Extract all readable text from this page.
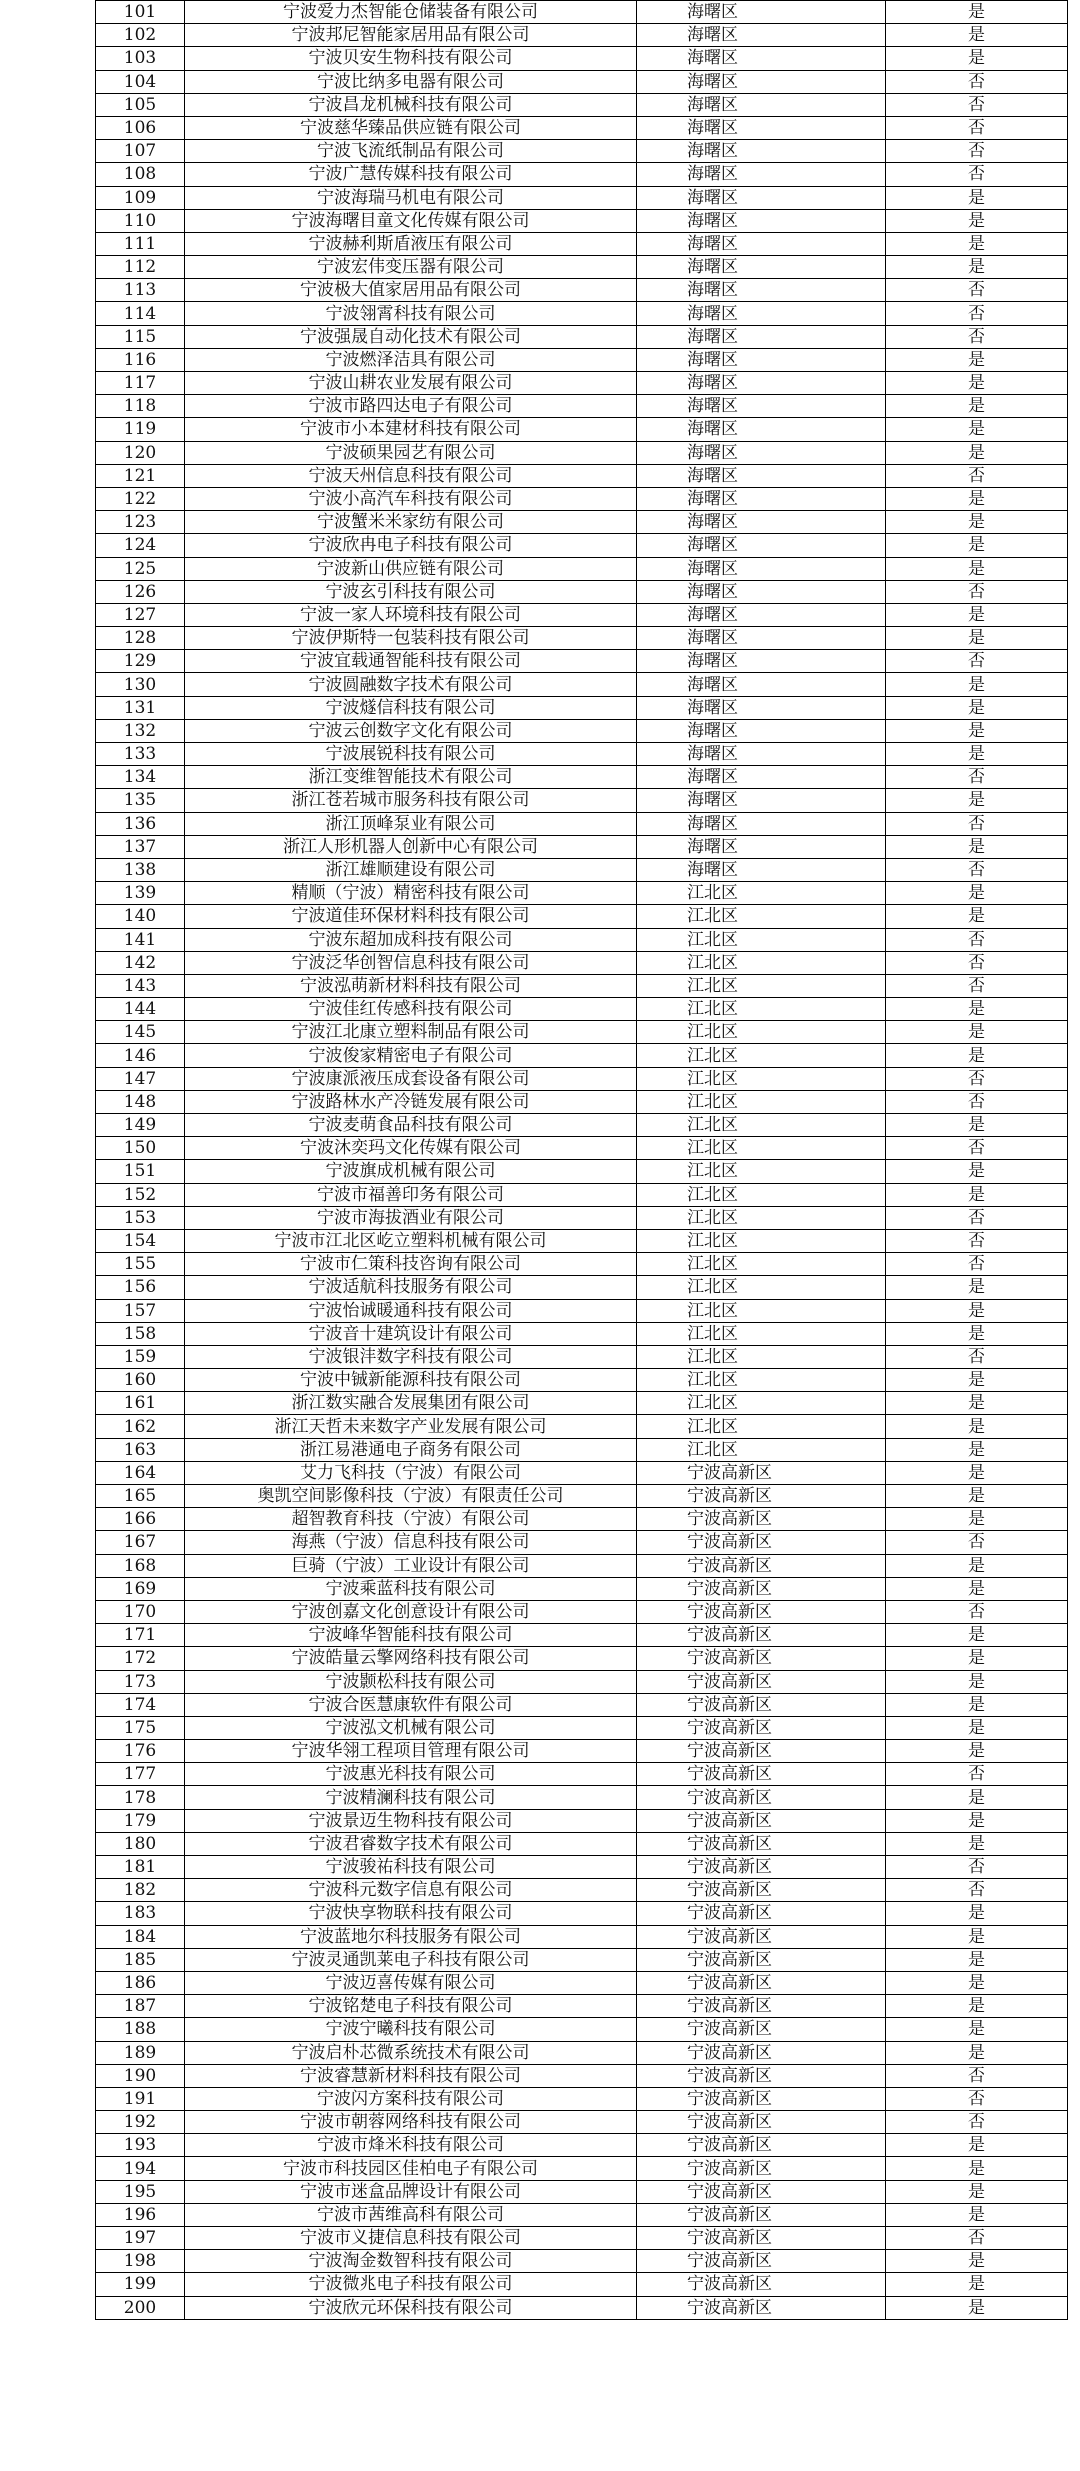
101	宁波爱力杰智能仓储装备有限公司	海曙区	是
102	宁波邦尼智能家居用品有限公司	海曙区	是
103	宁波贝安生物科技有限公司	海曙区	是
104	宁波比纳多电器有限公司	海曙区	否
105	宁波昌龙机械科技有限公司	海曙区	否
106	宁波慈华臻品供应链有限公司	海曙区	否
107	宁波飞流纸制品有限公司	海曙区	否
108	宁波广慧传媒科技有限公司	海曙区	否
109	宁波海瑞马机电有限公司	海曙区	是
110	宁波海曙目童文化传媒有限公司	海曙区	是
111	宁波赫利斯盾液压有限公司	海曙区	是
112	宁波宏伟变压器有限公司	海曙区	是
113	宁波极大值家居用品有限公司	海曙区	否
114	宁波翎霄科技有限公司	海曙区	否
115	宁波强晟自动化技术有限公司	海曙区	否
116	宁波燃泽洁具有限公司	海曙区	是
117	宁波山耕农业发展有限公司	海曙区	是
118	宁波市路四达电子有限公司	海曙区	是
119	宁波市小本建材科技有限公司	海曙区	是
120	宁波硕果园艺有限公司	海曙区	是
121	宁波天州信息科技有限公司	海曙区	否
122	宁波小高汽车科技有限公司	海曙区	是
123	宁波蟹米米家纺有限公司	海曙区	是
124	宁波欣冉电子科技有限公司	海曙区	是
125	宁波新山供应链有限公司	海曙区	是
126	宁波玄引科技有限公司	海曙区	否
127	宁波一家人环境科技有限公司	海曙区	是
128	宁波伊斯特一包装科技有限公司	海曙区	是
129	宁波宜载通智能科技有限公司	海曙区	否
130	宁波圆融数字技术有限公司	海曙区	是
131	宁波燧信科技有限公司	海曙区	是
132	宁波云创数字文化有限公司	海曙区	是
133	宁波展锐科技有限公司	海曙区	是
134	浙江变维智能技术有限公司	海曙区	否
135	浙江苍若城市服务科技有限公司	海曙区	是
136	浙江顶峰泵业有限公司	海曙区	否
137	浙江人形机器人创新中心有限公司	海曙区	是
138	浙江雄顺建设有限公司	海曙区	否
139	精顺（宁波）精密科技有限公司	江北区	是
140	宁波道佳环保材料科技有限公司	江北区	是
141	宁波东超加成科技有限公司	江北区	否
142	宁波泛华创智信息科技有限公司	江北区	否
143	宁波泓萌新材料科技有限公司	江北区	否
144	宁波佳红传感科技有限公司	江北区	是
145	宁波江北康立塑料制品有限公司	江北区	是
146	宁波俊家精密电子有限公司	江北区	是
147	宁波康派液压成套设备有限公司	江北区	否
148	宁波路林水产冷链发展有限公司	江北区	否
149	宁波麦萌食品科技有限公司	江北区	是
150	宁波沐奕玛文化传媒有限公司	江北区	否
151	宁波旗成机械有限公司	江北区	是
152	宁波市福善印务有限公司	江北区	是
153	宁波市海拔酒业有限公司	江北区	否
154	宁波市江北区屹立塑料机械有限公司	江北区	否
155	宁波市仁策科技咨询有限公司	江北区	否
156	宁波适航科技服务有限公司	江北区	是
157	宁波怡诚暖通科技有限公司	江北区	是
158	宁波音十建筑设计有限公司	江北区	是
159	宁波银沣数字科技有限公司	江北区	否
160	宁波中铖新能源科技有限公司	江北区	是
161	浙江数实融合发展集团有限公司	江北区	是
162	浙江天哲未来数字产业发展有限公司	江北区	是
163	浙江易港通电子商务有限公司	江北区	是
164	艾力飞科技（宁波）有限公司	宁波高新区	是
165	奥凯空间影像科技（宁波）有限责任公司	宁波高新区	是
166	超智教育科技（宁波）有限公司	宁波高新区	是
167	海燕（宁波）信息科技有限公司	宁波高新区	否
168	巨骑（宁波）工业设计有限公司	宁波高新区	是
169	宁波乘蓝科技有限公司	宁波高新区	是
170	宁波创嘉文化创意设计有限公司	宁波高新区	否
171	宁波峰华智能科技有限公司	宁波高新区	是
172	宁波皓量云擎网络科技有限公司	宁波高新区	是
173	宁波颢松科技有限公司	宁波高新区	是
174	宁波合医慧康软件有限公司	宁波高新区	是
175	宁波泓文机械有限公司	宁波高新区	是
176	宁波华翎工程项目管理有限公司	宁波高新区	是
177	宁波惠光科技有限公司	宁波高新区	否
178	宁波精澜科技有限公司	宁波高新区	是
179	宁波景迈生物科技有限公司	宁波高新区	是
180	宁波君睿数字技术有限公司	宁波高新区	是
181	宁波骏祐科技有限公司	宁波高新区	否
182	宁波科元数字信息有限公司	宁波高新区	否
183	宁波快享物联科技有限公司	宁波高新区	是
184	宁波蓝地尔科技服务有限公司	宁波高新区	是
185	宁波灵通凯莱电子科技有限公司	宁波高新区	是
186	宁波迈喜传媒有限公司	宁波高新区	是
187	宁波铭楚电子科技有限公司	宁波高新区	是
188	宁波宁曦科技有限公司	宁波高新区	是
189	宁波启朴芯微系统技术有限公司	宁波高新区	是
190	宁波睿慧新材料科技有限公司	宁波高新区	否
191	宁波闪方案科技有限公司	宁波高新区	否
192	宁波市朝蓉网络科技有限公司	宁波高新区	否
193	宁波市烽米科技有限公司	宁波高新区	是
194	宁波市科技园区佳柏电子有限公司	宁波高新区	是
195	宁波市迷盒品牌设计有限公司	宁波高新区	是
196	宁波市茜维高科有限公司	宁波高新区	是
197	宁波市义捷信息科技有限公司	宁波高新区	否
198	宁波淘金数智科技有限公司	宁波高新区	是
199	宁波微兆电子科技有限公司	宁波高新区	是
200	宁波欣元环保科技有限公司	宁波高新区	是
